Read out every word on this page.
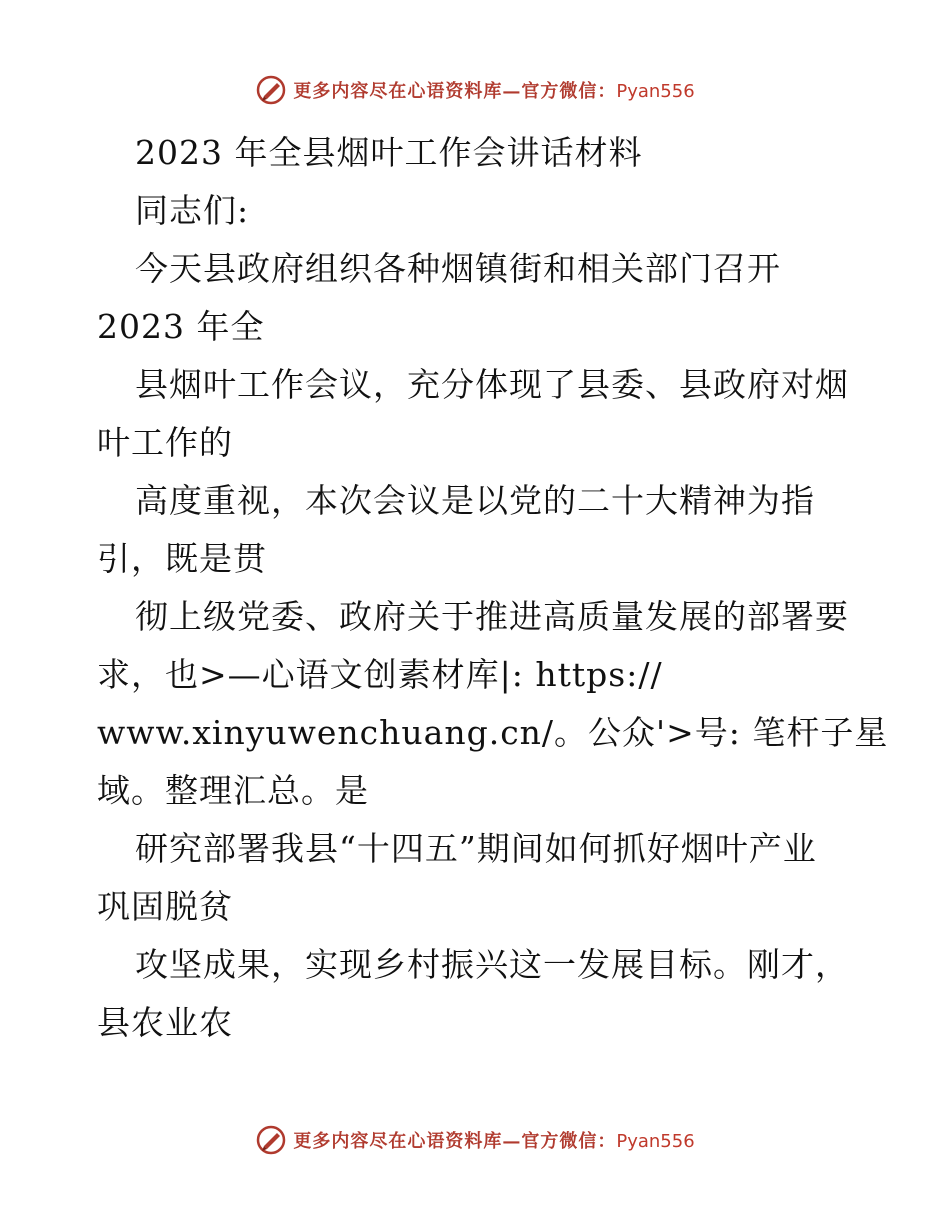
更多内容尽在心语资料库—官方微信：Pyan556
2023 年全县烟叶工作会讲话材料
同志们:
今天县政府组织各种烟镇街和相关部门召开
2023 年全
县烟叶工作会议，充分体现了县委、县政府对烟
叶工作的
高度重视，本次会议是以党的二十大精神为指
引，既是贯
彻上级党委、政府关于推进高质量发展的部署要
求，也>—心语文创素材库|: https://
www.xinyuwenchuang.cn/。公众'>号: 笔杆子星
域。整理汇总。是
研究部署我县“十四五”期间如何抓好烟叶产业
巩固脱贫
攻坚成果，实现乡村振兴这一发展目标。刚才，
县农业农
更多内容尽在心语资料库—官方微信：Pyan556
